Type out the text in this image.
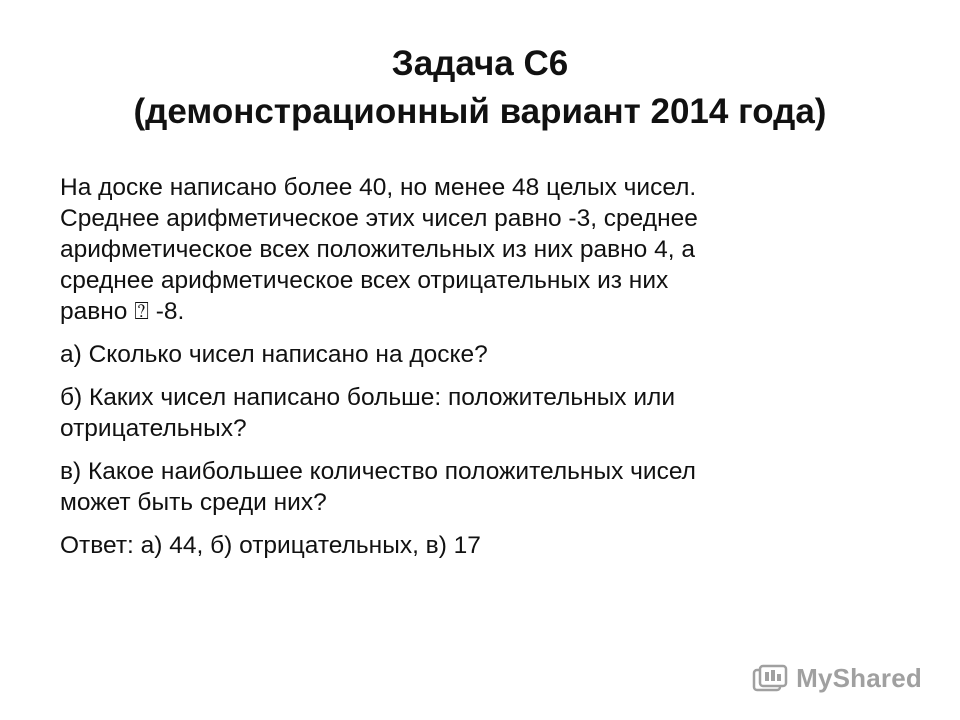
Задача С6
(демонстрационный вариант 2014 года)
На доске написано более 40, но менее 48 целых чисел.
Среднее арифметическое этих чисел равно -3, среднее
арифметическое всех положительных из них равно 4, а
среднее арифметическое всех отрицательных из них
равно ⍰ -8.
а) Сколько чисел написано на доске?
б) Каких чисел написано больше: положительных или
отрицательных?
в) Какое наибольшее количество положительных чисел
может быть среди них?
Ответ: а) 44, б) отрицательных, в) 17
MyShared
